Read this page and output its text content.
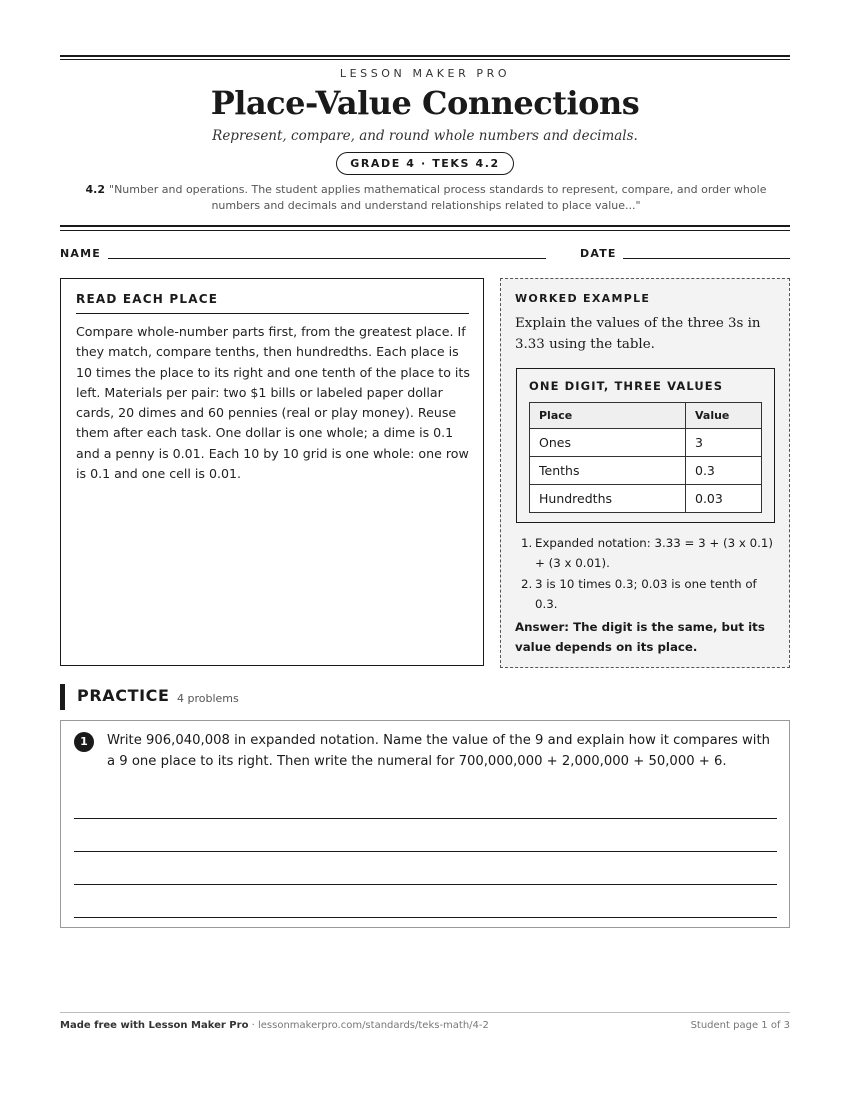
LESSON MAKER PRO
Place-Value Connections
Represent, compare, and round whole numbers and decimals.
GRADE 4 · TEKS 4.2
4.2 "Number and operations. The student applies mathematical process standards to represent, compare, and order whole numbers and decimals and understand relationships related to place value..."
NAME	DATE
READ EACH PLACE
Compare whole-number parts first, from the greatest place. If they match, compare tenths, then hundredths. Each place is 10 times the place to its right and one tenth of the place to its left. Materials per pair: two $1 bills or labeled paper dollar cards, 20 dimes and 60 pennies (real or play money). Reuse them after each task. One dollar is one whole; a dime is 0.1 and a penny is 0.01. Each 10 by 10 grid is one whole: one row is 0.1 and one cell is 0.01.
WORKED EXAMPLE
Explain the values of the three 3s in 3.33 using the table.
ONE DIGIT, THREE VALUES
Place	Value
Ones	3
Tenths	0.3
Hundredths	0.03
1. Expanded notation: 3.33 = 3 + (3 x 0.1) + (3 x 0.01).
2. 3 is 10 times 0.3; 0.03 is one tenth of 0.3.
Answer: The digit is the same, but its value depends on its place.
PRACTICE 4 problems
1	Write 906,040,008 in expanded notation. Name the value of the 9 and explain how it compares with a 9 one place to its right. Then write the numeral for 700,000,000 + 2,000,000 + 50,000 + 6.
Made free with Lesson Maker Pro · lessonmakerpro.com/standards/teks-math/4-2	Student page 1 of 3
